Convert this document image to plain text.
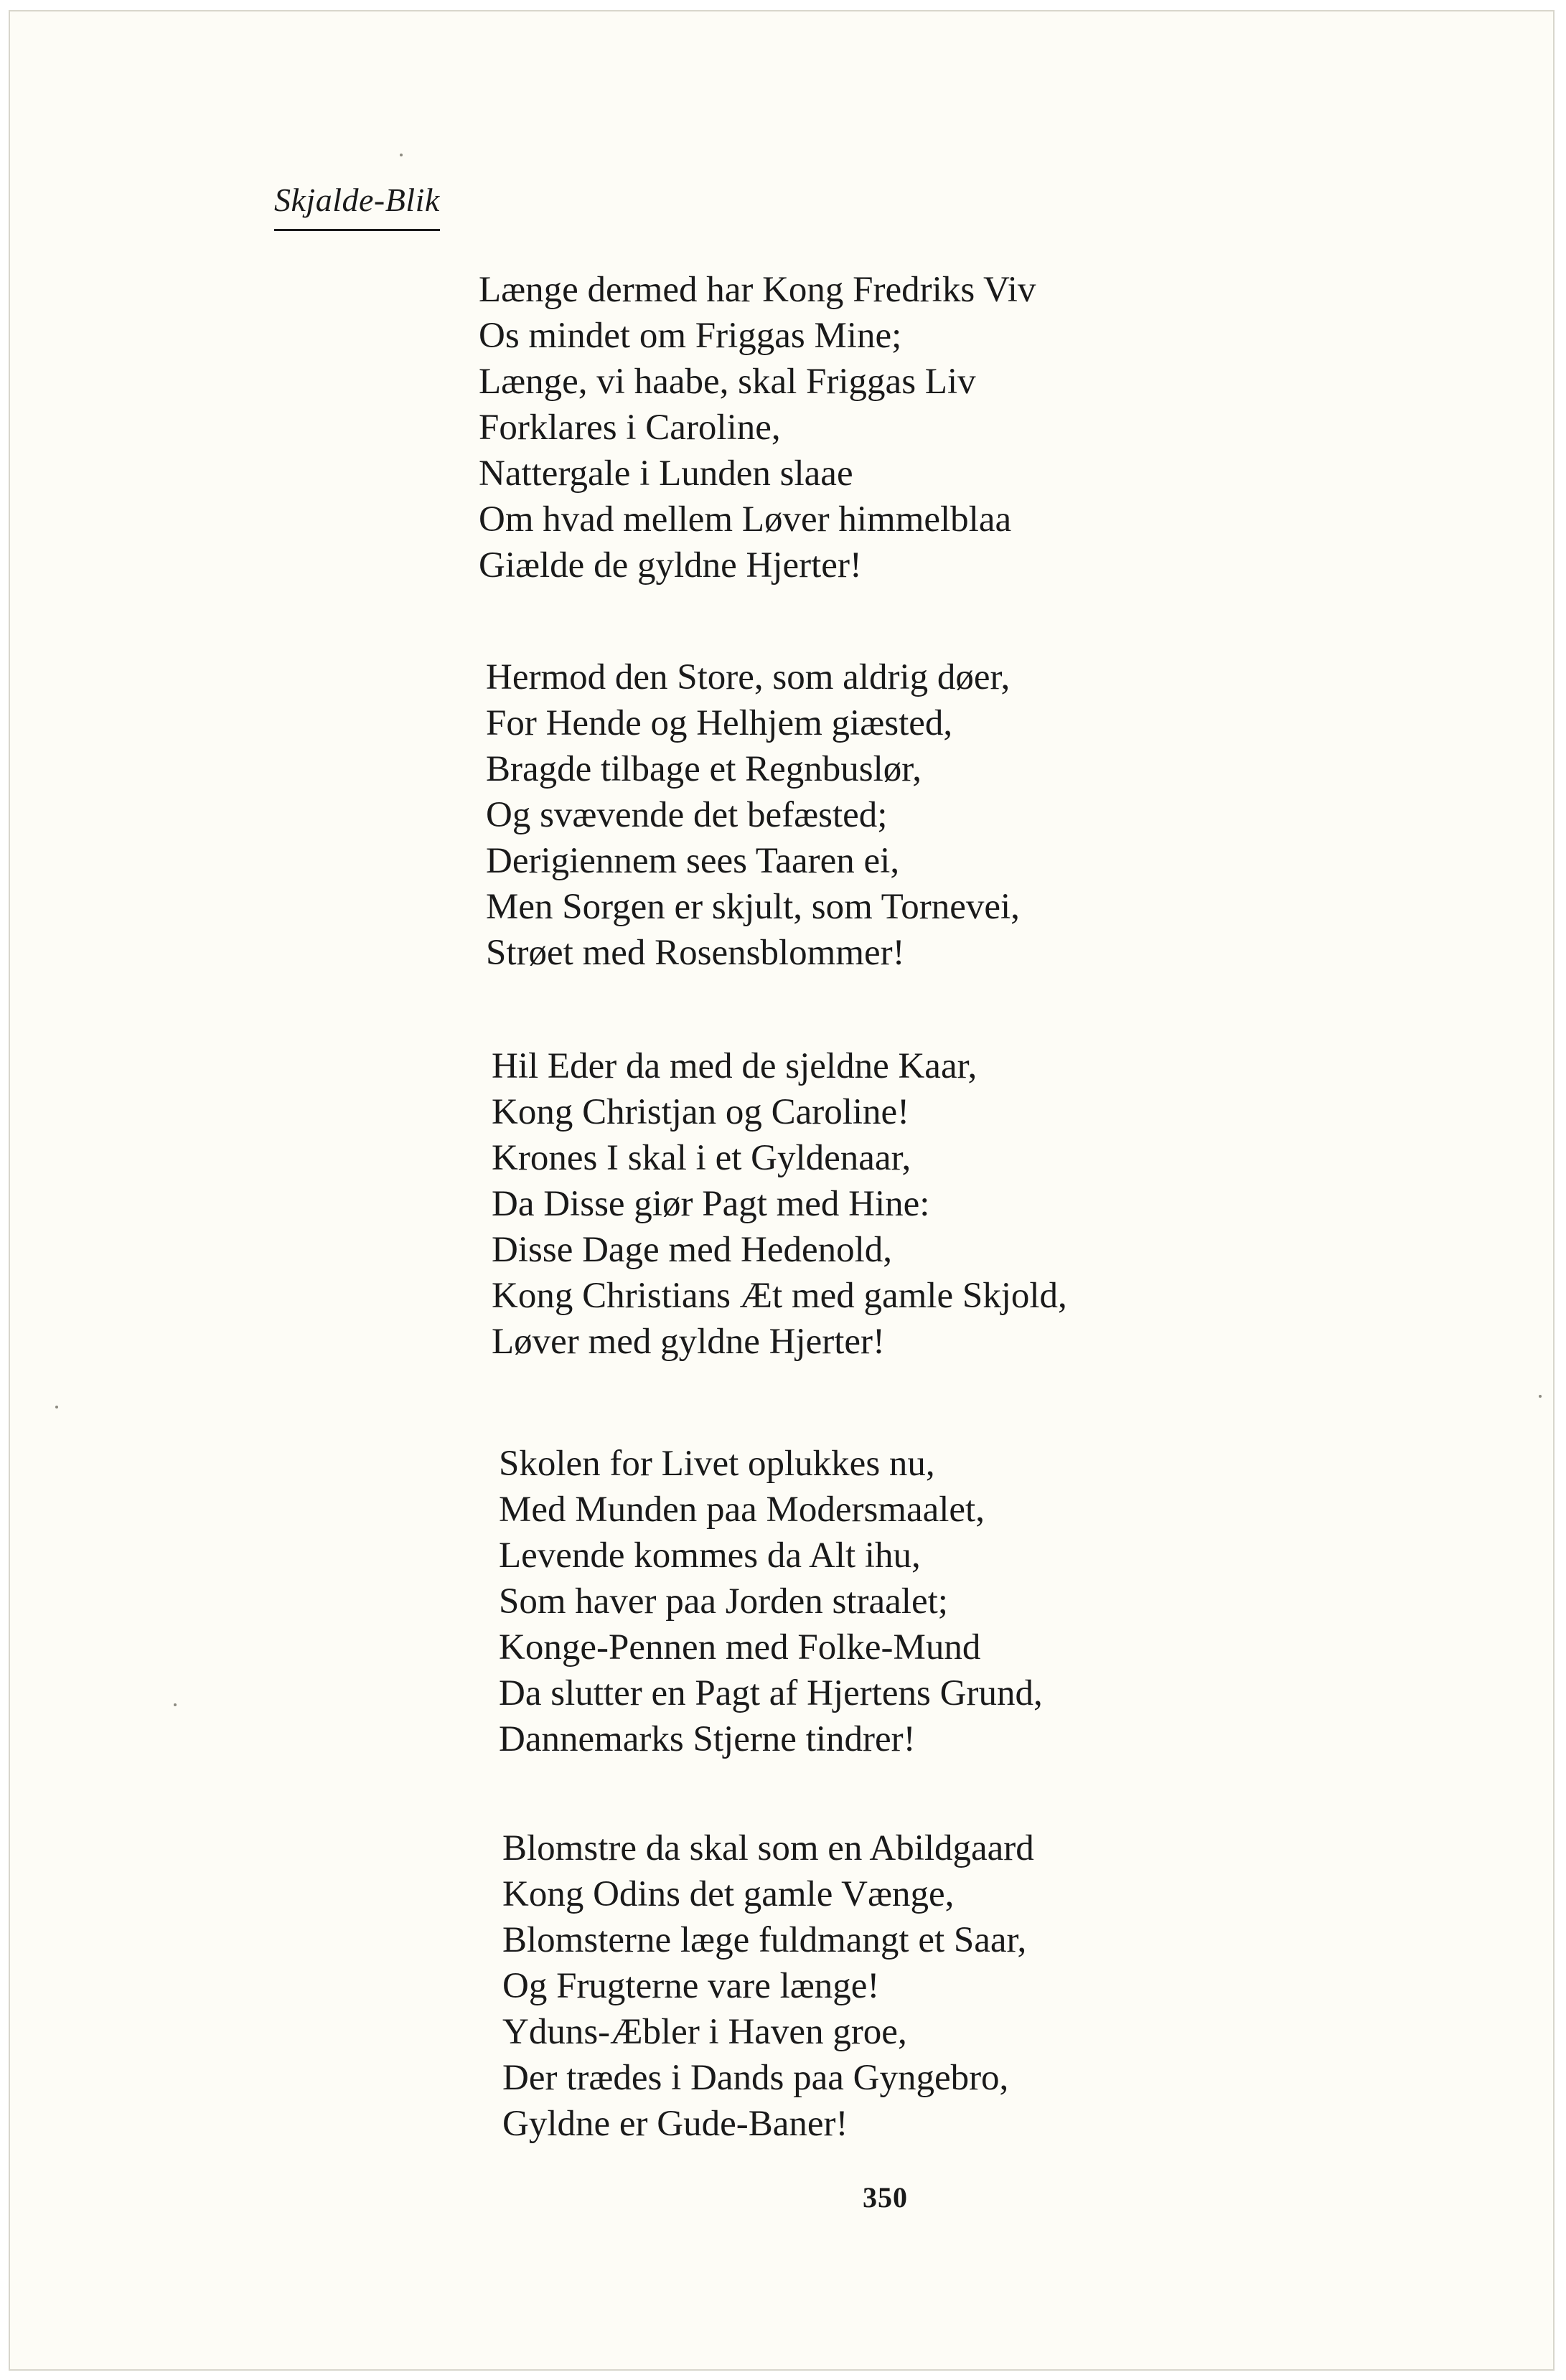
Skjalde-Blik

Længe dermed har Kong Fredriks Viv
Os mindet om Friggas Mine;
Længe, vi haabe, skal Friggas Liv
Forklares i Caroline,
Nattergale i Lunden slaae
Om hvad mellem Løver himmelblaa
Giælde de gyldne Hjerter!

Hermod den Store, som aldrig døer,
For Hende og Helhjem giæsted,
Bragde tilbage et Regnbuslør,
Og svævende det befæsted;
Derigiennem sees Taaren ei,
Men Sorgen er skjult, som Tornevei,
Strøet med Rosensblommer!

Hil Eder da med de sjeldne Kaar,
Kong Christjan og Caroline!
Krones I skal i et Gyldenaar,
Da Disse giør Pagt med Hine:
Disse Dage med Hedenold,
Kong Christians Æt med gamle Skjold,
Løver med gyldne Hjerter!

Skolen for Livet oplukkes nu,
Med Munden paa Modersmaalet,
Levende kommes da Alt ihu,
Som haver paa Jorden straalet;
Konge-Pennen med Folke-Mund
Da slutter en Pagt af Hjertens Grund,
Dannemarks Stjerne tindrer!

Blomstre da skal som en Abildgaard
Kong Odins det gamle Vænge,
Blomsterne læge fuldmangt et Saar,
Og Frugterne vare længe!
Yduns-Æbler i Haven groe,
Der trædes i Dands paa Gyngebro,
Gyldne er Gude-Baner!

350
